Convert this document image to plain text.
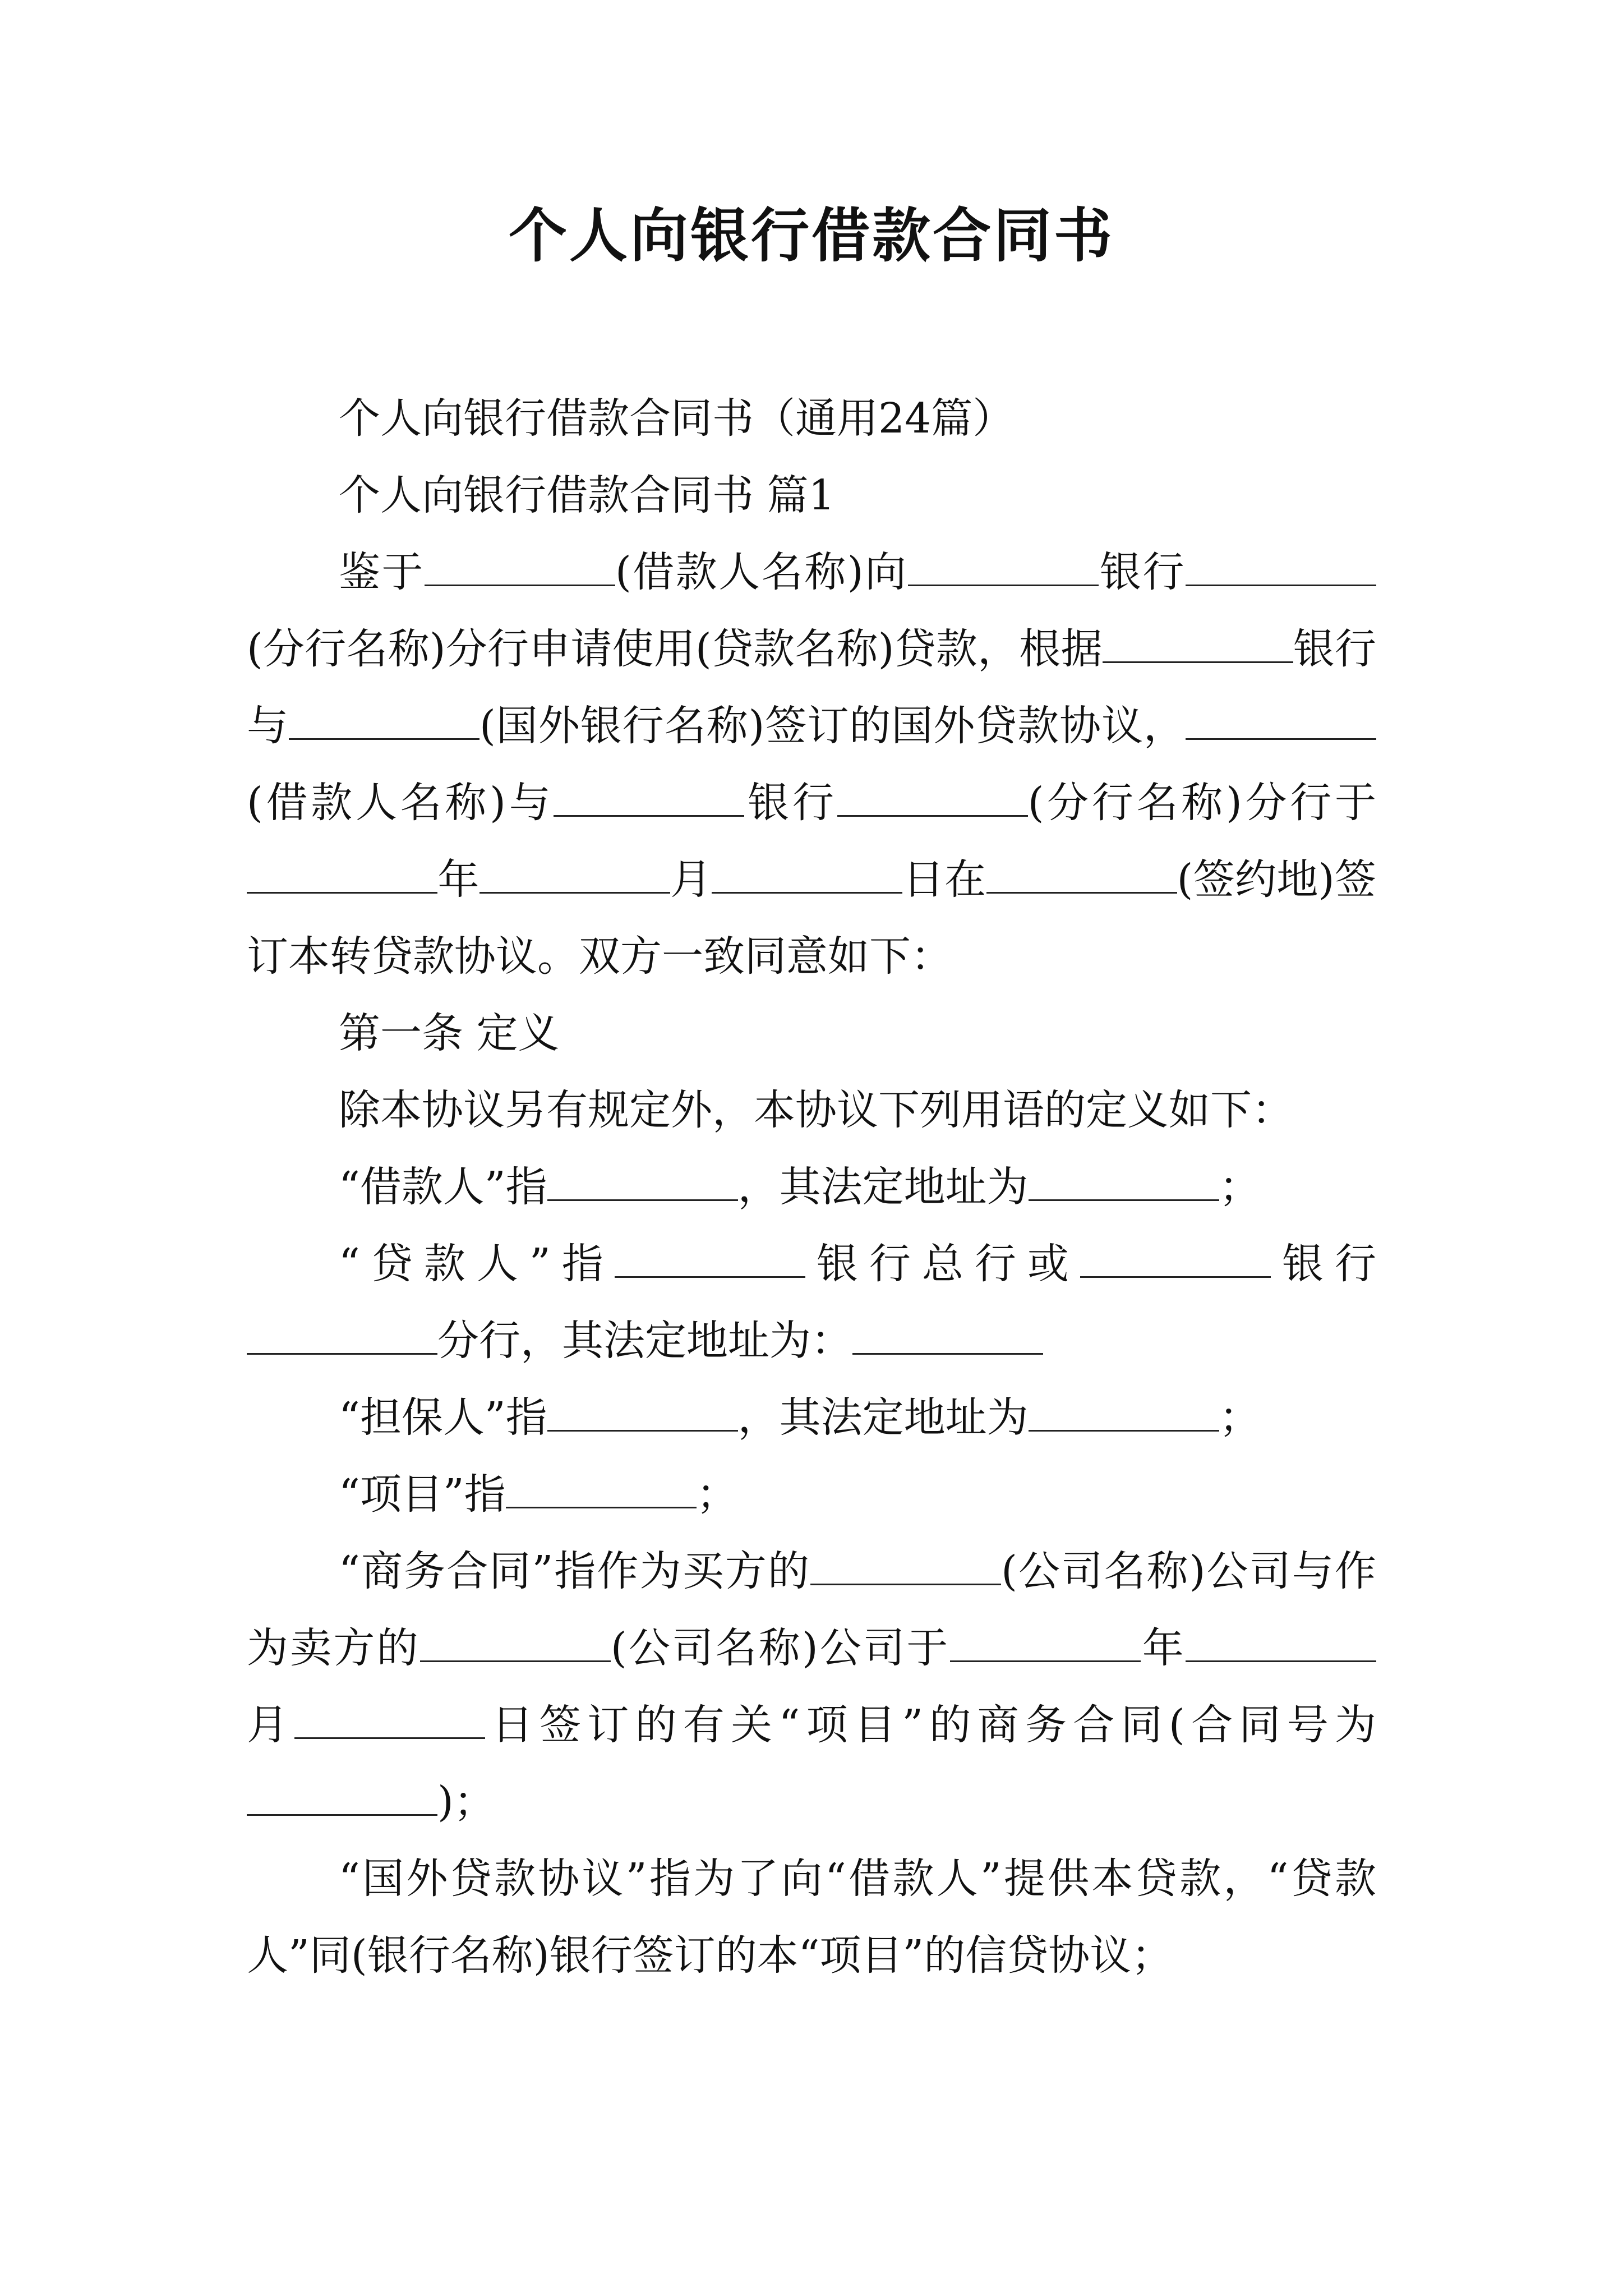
个人向银行借款合同书

个人向银行借款合同书（通用24篇）

个人向银行借款合同书 篇1

鉴于	(借款人名称)向	银行(分行名称)分行申请使用(贷款名称)贷款，根据	银行与	(国外银行名称)签订的国外贷款协议，(借款人名称)与	银行	(分行名称)分行于年	月	日在	(签约地)签订本转贷款协议。双方一致同意如下：

第一条 定义

除本协议另有规定外，本协议下列用语的定义如下：

“借款人”指	，其法定地址为	；

“贷款人”指	银行总行或	银行分行，其法定地址为：

“担保人”指	，其法定地址为	；

“项目”指	；

“商务合同”指作为买方的	(公司名称)公司与作为卖方的	(公司名称)公司于	年月	日签订的有关“项目”的商务合同(合同号为)；

“国外贷款协议”指为了向“借款人”提供本贷款，“贷款人”同(银行名称)银行签订的本“项目”的信贷协议；
